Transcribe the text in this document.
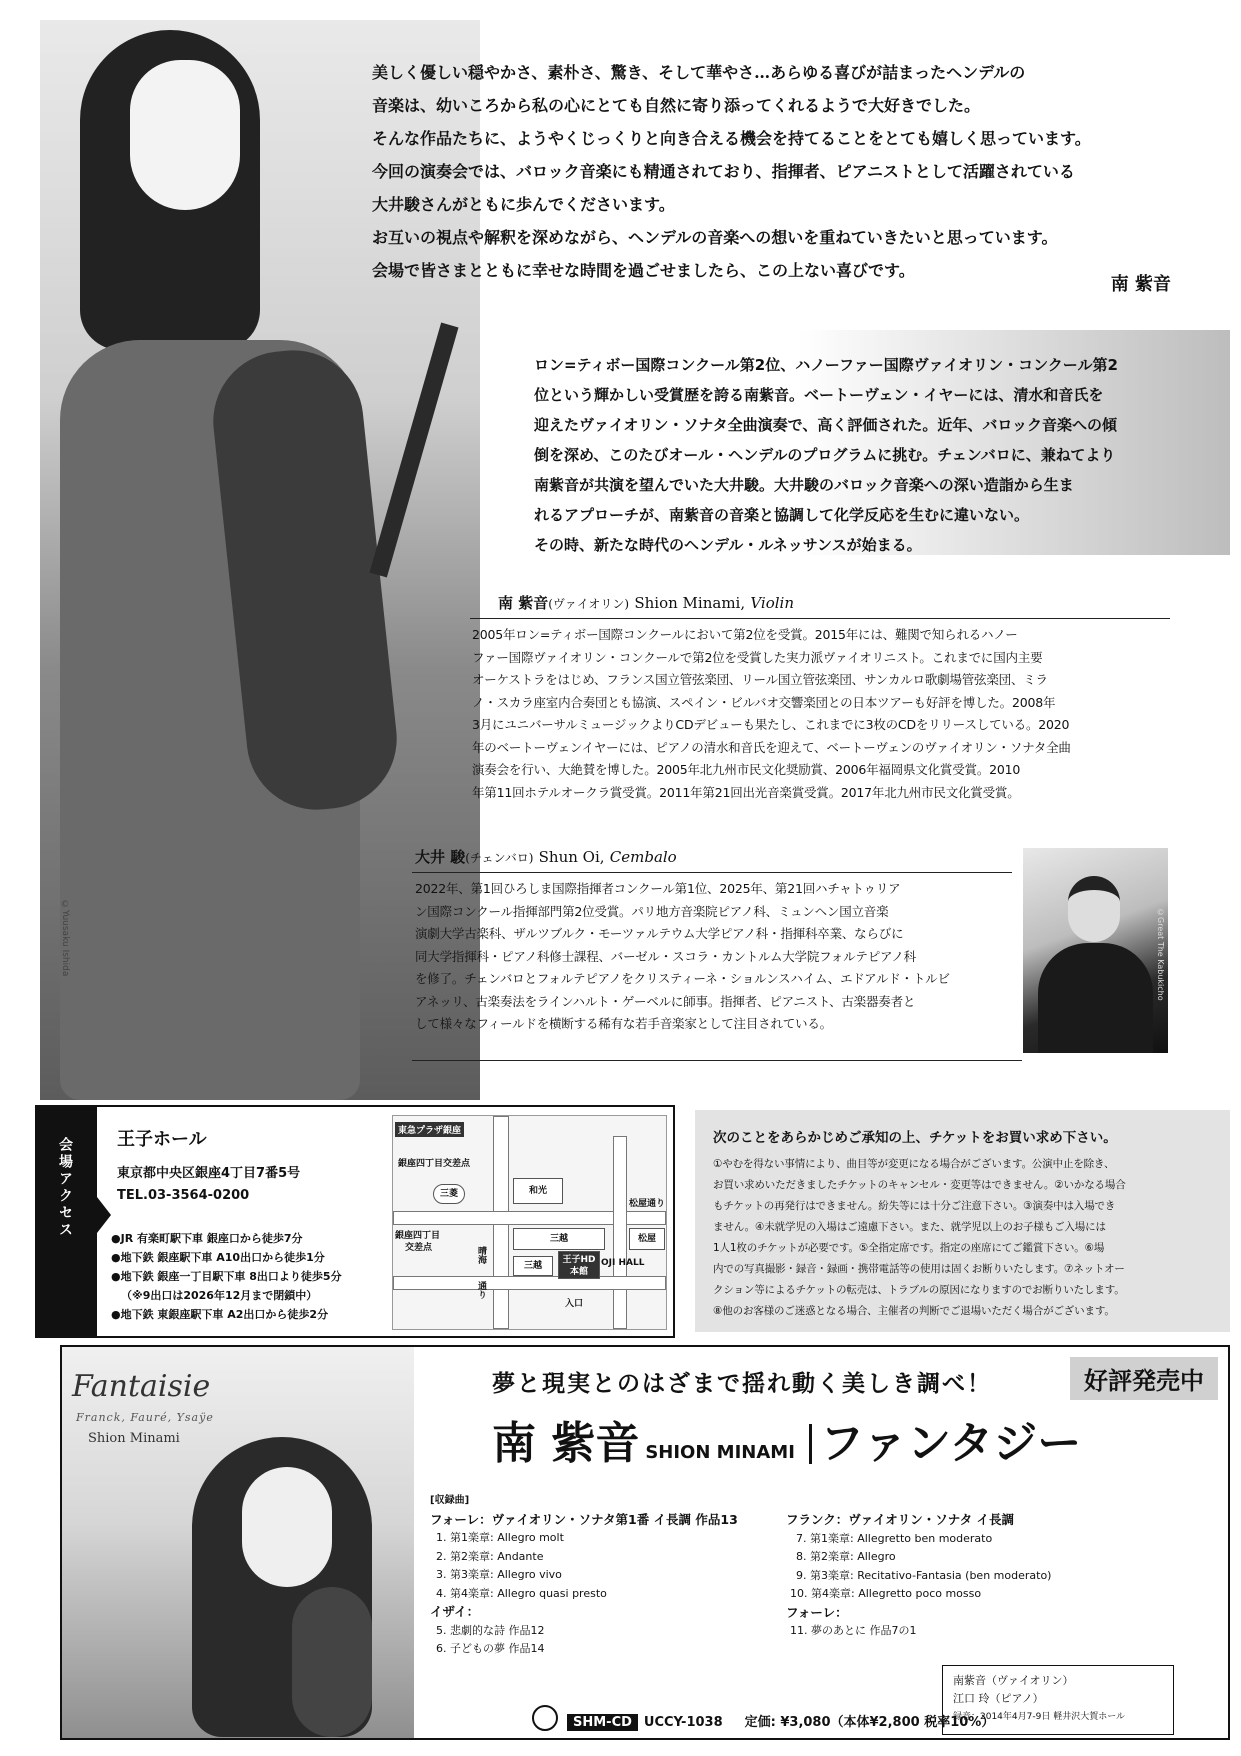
©Yuusaku Ishida

美しく優しい穏やかさ、素朴さ、驚き、そして華やさ…あらゆる喜びが詰まったヘンデルの

音楽は、幼いころから私の心にとても自然に寄り添ってくれるようで大好きでした。

そんな作品たちに、ようやくじっくりと向き合える機会を持てることをとても嬉しく思っています。

今回の演奏会では、バロック音楽にも精通されており、指揮者、ピアニストとして活躍されている

大井駿さんがともに歩んでくださいます。

お互いの視点や解釈を深めながら、ヘンデルの音楽への想いを重ねていきたいと思っています。

会場で皆さまとともに幸せな時間を過ごせましたら、この上ない喜びです。

南 紫音

ロン=ティボー国際コンクール第2位、ハノーファー国際ヴァイオリン・コンクール第2

位という輝かしい受賞歴を誇る南紫音。ベートーヴェン・イヤーには、清水和音氏を

迎えたヴァイオリン・ソナタ全曲演奏で、高く評価された。近年、バロック音楽への傾

倒を深め、このたびオール・ヘンデルのプログラムに挑む。チェンバロに、兼ねてより

南紫音が共演を望んでいた大井駿。大井駿のバロック音楽への深い造詣から生ま

れるアプローチが、南紫音の音楽と協調して化学反応を生むに違いない。

その時、新たな時代のヘンデル・ルネッサンスが始まる。

南 紫音(ヴァイオリン) Shion Minami, Violin
2005年ロン=ティボー国際コンクールにおいて第2位を受賞。2015年には、難関で知られるハノー
ファー国際ヴァイオリン・コンクールで第2位を受賞した実力派ヴァイオリニスト。これまでに国内主要
オーケストラをはじめ、フランス国立管弦楽団、リール国立管弦楽団、サンカルロ歌劇場管弦楽団、ミラ
ノ・スカラ座室内合奏団とも協演、スペイン・ビルバオ交響楽団との日本ツアーも好評を博した。2008年
3月にユニバーサルミュージックよりCDデビューも果たし、これまでに3枚のCDをリリースしている。2020
年のベートーヴェンイヤーには、ピアノの清水和音氏を迎えて、ベートーヴェンのヴァイオリン・ソナタ全曲
演奏会を行い、大絶賛を博した。2005年北九州市民文化奨励賞、2006年福岡県文化賞受賞。2010
年第11回ホテルオークラ賞受賞。2011年第21回出光音楽賞受賞。2017年北九州市民文化賞受賞。
大井 駿(チェンバロ) Shun Oi, Cembalo
2022年、第1回ひろしま国際指揮者コンクール第1位、2025年、第21回ハチャトゥリア
ン国際コンクール指揮部門第2位受賞。パリ地方音楽院ピアノ科、ミュンヘン国立音楽
演劇大学古楽科、ザルツブルク・モーツァルテウム大学ピアノ科・指揮科卒業、ならびに
同大学指揮科・ピアノ科修士課程、バーゼル・スコラ・カントルム大学院フォルテピアノ科
を修了。チェンバロとフォルテピアノをクリスティーネ・ショルンスハイム、エドアルド・トルビ
アネッリ、古楽奏法をラインハルト・ゲーベルに師事。指揮者、ピアニスト、古楽器奏者と
して様々なフィールドを横断する稀有な若手音楽家として注目されている。
©Great The Kabukicho
会場アクセス 王子ホール
東京都中央区銀座4丁目7番5号
TEL.03-3564-0200
●JR 有楽町駅下車 銀座口から徒歩7分
●地下鉄 銀座駅下車 A10出口から徒歩1分
●地下鉄 銀座一丁目駅下車 8出口より徒歩5分
（※9出口は2026年12月まで閉鎖中）
●地下鉄 東銀座駅下車 A2出口から徒歩2分
東急プラザ銀座
銀座四丁目交差点
三菱	和光
銀座四丁目
交差点
三越
松屋通り
松屋
晴海
通り
三越
王子HD
本館
OJI HALL
入口
次のことをあらかじめご承知の上、チケットをお買い求め下さい。

①やむを得ない事情により、曲目等が変更になる場合がございます。公演中止を除き、

お買い求めいただきましたチケットのキャンセル・変更等はできません。②いかなる場合

もチケットの再発行はできません。紛失等には十分ご注意下さい。③演奏中は入場でき

ません。④未就学児の入場はご遠慮下さい。また、就学児以上のお子様もご入場には

1人1枚のチケットが必要です。⑤全指定席です。指定の座席にてご鑑賞下さい。⑥場

内での写真撮影・録音・録画・携帯電話等の使用は固くお断りいたします。⑦ネットオー

クション等によるチケットの転売は、トラブルの原因になりますのでお断りいたします。

⑧他のお客様のご迷惑となる場合、主催者の判断でご退場いただく場合がございます。

Fantaisie
Franck, Fauré, Ysaÿe
Shion Minami
夢と現実とのはざまで揺れ動く美しき調べ！	好評発売中
南 紫音 SHION MINAMI ファンタジー
[収録曲]
フォーレ：ヴァイオリン・ソナタ第1番 イ長調 作品13
1. 第1楽章: Allegro molt
2. 第2楽章: Andante
3. 第3楽章: Allegro vivo
4. 第4楽章: Allegro quasi presto
イザイ：
5. 悲劇的な詩 作品12
6. 子どもの夢 作品14
フランク：ヴァイオリン・ソナタ イ長調
7. 第1楽章: Allegretto ben moderato
8. 第2楽章: Allegro
9. 第3楽章: Recitativo-Fantasia (ben moderato)
10. 第4楽章: Allegretto poco mosso
フォーレ：
11. 夢のあとに 作品7の1
SHM-CD UCCY-1038 定価: ¥3,080（本体¥2,800 税率10%）
南紫音（ヴァイオリン）
江口 玲（ピアノ）
録音：2014年4月7-9日 軽井沢大賀ホール
